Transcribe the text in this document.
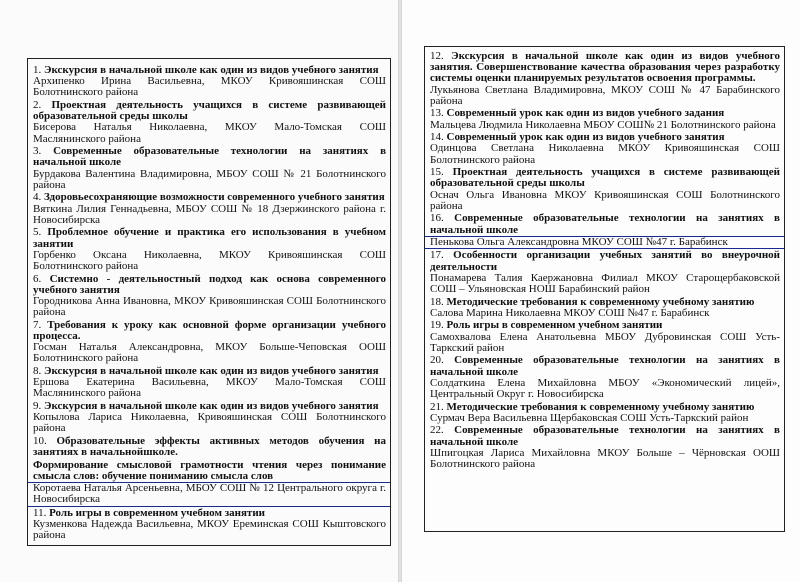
1. Экскурсия в начальной школе как один из видов учебного занятия
Архипенко Ирина Васильевна, МКОУ Кривояшинская СОШ Болотнинского района
2. Проектная деятельность учащихся в системе развивающей образовательной среды школы
Бисерова Наталья Николаевна, МКОУ Мало-Томская СОШ Маслянинского района
3. Современные образовательные технологии на занятиях в начальной школе
Бурдакова Валентина Владимировна, МБОУ СОШ № 21 Болотнинского района
4. Здоровьесохраняющие возможности современного учебного занятия
Вяткина Лилия Геннадьевна, МБОУ СОШ № 18 Дзержинского района г. Новосибирска
5. Проблемное обучение и практика его использования в учебном занятии
Горбенко Оксана Николаевна, МКОУ Кривояшинская СОШ Болотнинского района
6. Системно - деятельностный подход как основа современного учебного занятия
Городникова Анна Ивановна, МКОУ Кривояшинская СОШ Болотнинского района
7. Требования к уроку как основной форме организации учебного процесса.
Госман Наталья Александровна, МКОУ Больше-Чеповская ООШ Болотнинского района
8. Экскурсия в начальной школе как один из видов учебного занятия
Ершова Екатерина Васильевна, МКОУ Мало-Томская СОШ Маслянинского района
9. Экскурсия в начальной школе как один из видов учебного занятия
Копылова Лариса Николаевна, Кривояшинская СОШ Болотнинского района
10. Образовательные эффекты активных методов обучения на занятиях в начальнойшколе.
Формирование смысловой грамотности чтения через понимание смысла слов: обучение пониманию смысла слов
Коротаева Наталья Арсеньевна, МБОУ СОШ № 12 Центрального округа г. Новосибирска
11. Роль игры в современном учебном занятии
Кузменкова Надежда Васильевна, МКОУ Ереминская СОШ Кыштовского района
12. Экскурсия в начальной школе как один из видов учебного занятия. Совершенствование качества образования через разработку системы оценки планируемых результатов освоения программы.
Лукьянова Светлана Владимировна, МКОУ СОШ № 47 Барабинского района
13. Современный урок как один из видов учебного задания
Мальцева Людмила Николаевна МБОУ СОШ№ 21 Болотнинского района
14. Современный урок как один из видов учебного занятия
Одинцова Светлана Николаевна МКОУ Кривояшинская СОШ Болотнинского района
15. Проектная деятельность учащихся в системе развивающей образовательной среды школы
Оснач Ольга Ивановна МКОУ Кривояшинская СОШ Болотнинского района
16. Современные образовательные технологии на занятиях в начальной школе
Пенькова Ольга Александровна МКОУ СОШ №47 г. Барабинск
17. Особенности организации учебных занятий во внеурочной деятельности
Понамарева Талия Каержановна Филиал МКОУ Старощербаковской СОШ – Ульяновская НОШ Барабинский район
18. Методические требования к современному учебному занятию
Салова Марина Николаевна МКОУ СОШ №47 г. Барабинск
19. Роль игры в современном учебном занятии
Самохвалова Елена Анатольевна МБОУ Дубровинская СОШ Усть-Таркский район
20. Современные образовательные технологии на занятиях в начальной школе
Солдаткина Елена Михайловна МБОУ «Экономический лицей», Центральный Округ г. Новосибирска
21. Методические требования к современному учебному занятию
Сурмач Вера Васильевна Щербаковская СОШ Усть-Таркский район
22. Современные образовательные технологии на занятиях в начальной школе
Шпигоцкая Лариса Михайловна МКОУ Больше – Чёрновская ООШ Болотнинского района
